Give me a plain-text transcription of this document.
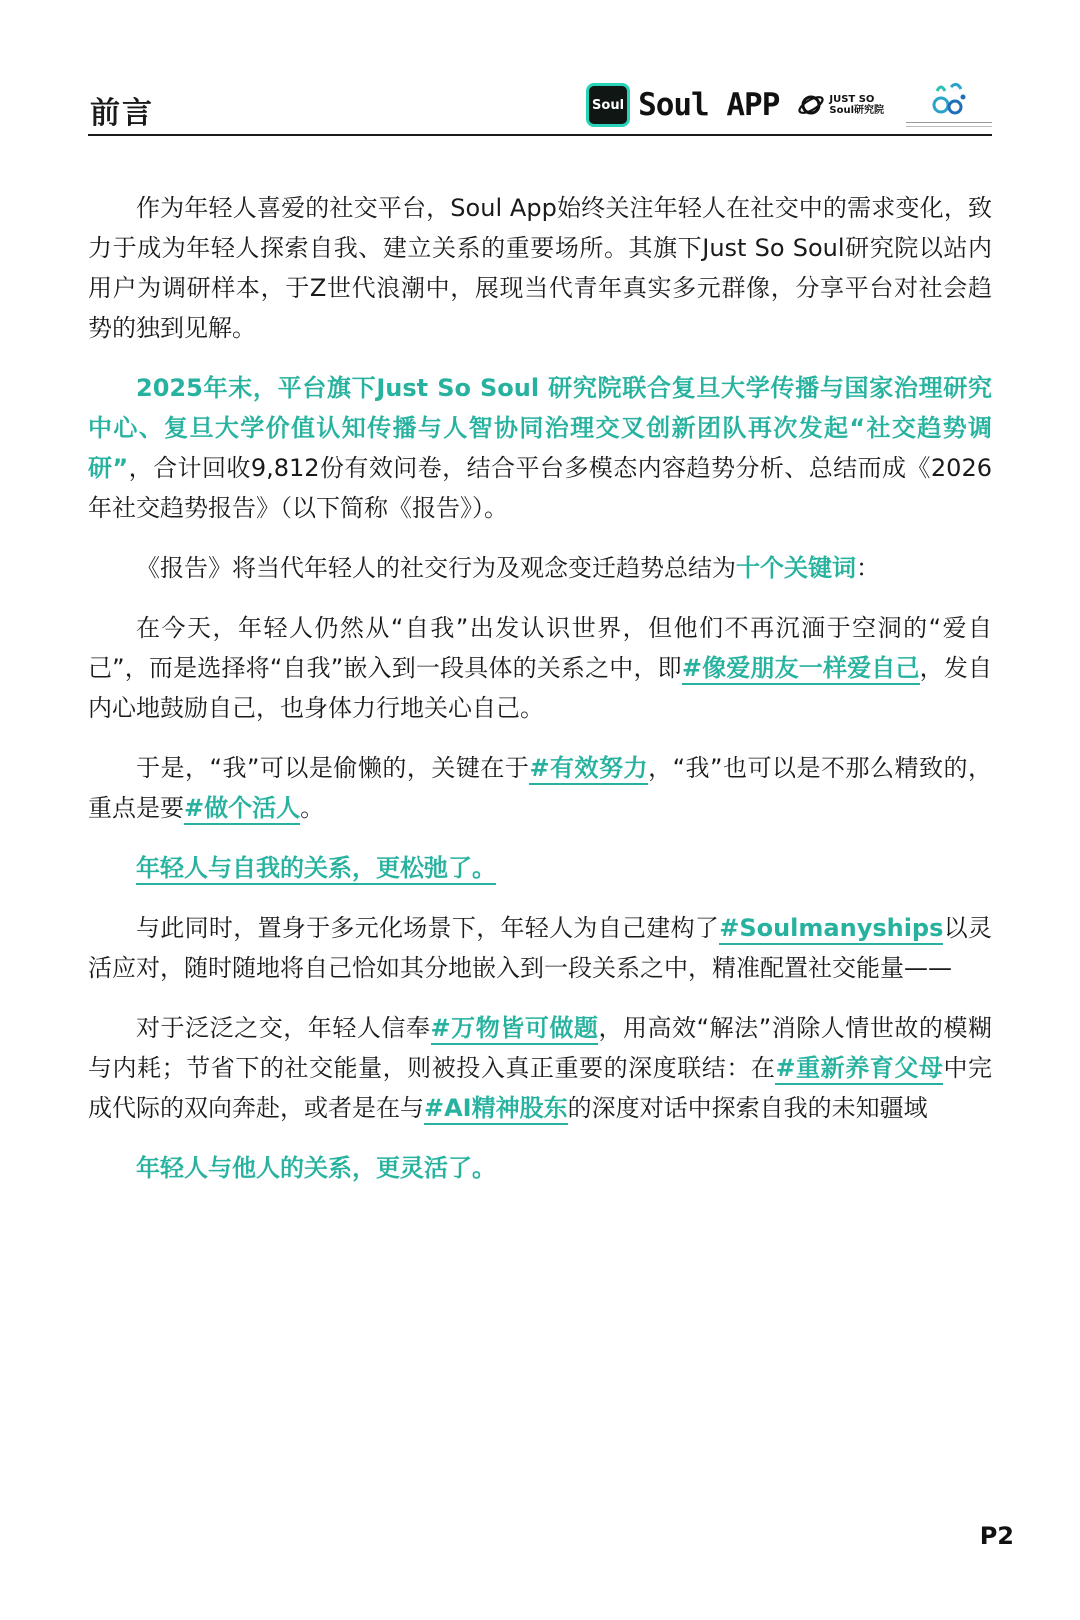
前言	Soul Soul APP	JUST SO
Soul研究院

作为年轻人喜爱的社交平台，Soul App始终关注年轻人在社交中的需求变化，致力于成为年轻人探索自我、建立关系的重要场所。其旗下Just So Soul研究院以站内用户为调研样本，于Z世代浪潮中，展现当代青年真实多元群像，分享平台对社会趋势的独到见解。

2025年末，平台旗下Just So Soul 研究院联合复旦大学传播与国家治理研究中心、复旦大学价值认知传播与人智协同治理交叉创新团队再次发起“社交趋势调研”，合计回收9,812份有效问卷，结合平台多模态内容趋势分析、总结而成《2026年社交趋势报告》（以下简称《报告》）。

《报告》将当代年轻人的社交行为及观念变迁趋势总结为十个关键词：

在今天，年轻人仍然从“自我”出发认识世界，但他们不再沉湎于空洞的“爱自己”，而是选择将“自我”嵌入到一段具体的关系之中，即#像爱朋友一样爱自己，发自内心地鼓励自己，也身体力行地关心自己。

于是，“我”可以是偷懒的，关键在于#有效努力，“我”也可以是不那么精致的，重点是要#做个活人。

年轻人与自我的关系，更松弛了。

与此同时，置身于多元化场景下，年轻人为自己建构了#Soulmanyships以灵活应对，随时随地将自己恰如其分地嵌入到一段关系之中，精准配置社交能量——

对于泛泛之交，年轻人信奉#万物皆可做题，用高效“解法”消除人情世故的模糊与内耗；节省下的社交能量，则被投入真正重要的深度联结：在#重新养育父母中完成代际的双向奔赴，或者是在与#AI精神股东的深度对话中探索自我的未知疆域

年轻人与他人的关系，更灵活了。

P2
